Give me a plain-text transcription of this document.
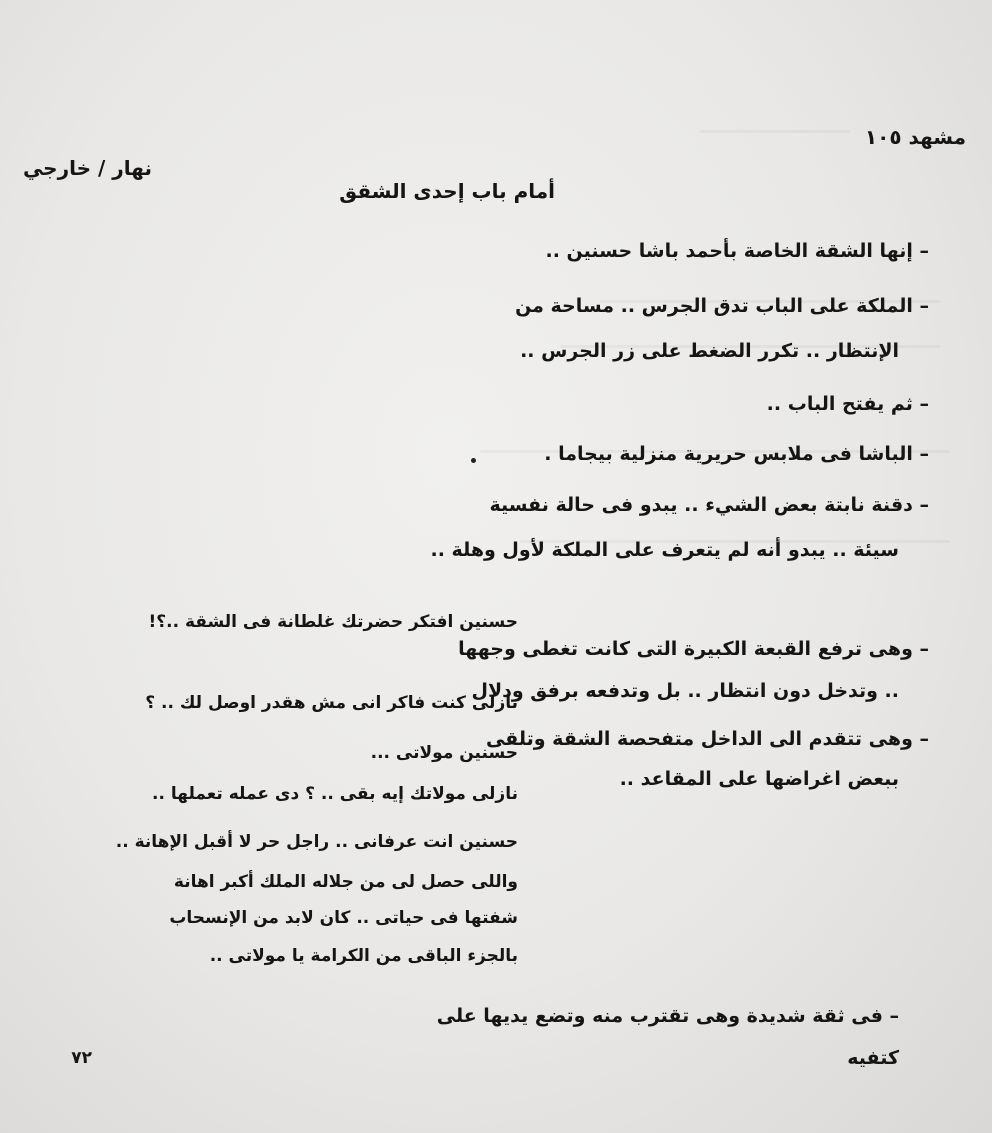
مشهد ١٠٥
نهار / خارجي
أمام باب إحدى الشقق
– إنها الشقة الخاصة بأحمد باشا حسنين ..
– الملكة على الباب تدق الجرس .. مساحة من
الإنتظار .. تكرر الضغط على زر الجرس ..
– ثم يفتح الباب ..
– الباشا فى ملابس حريرية منزلية بيجاما .
– دقنة نابتة بعض الشيء .. يبدو فى حالة نفسية
سيئة .. يبدو أنه لم يتعرف على الملكة لأول وهلة ..
حسنين افتكر حضرتك غلطانة فى الشقة ..؟!
– وهى ترفع القبعة الكبيرة التى كانت تغطى وجهها
.. وتدخل دون انتظار .. بل وتدفعه برفق ودلال
نازلى كنت فاكر انى مش هقدر اوصل لك .. ؟
– وهى تتقدم الى الداخل متفحصة الشقة وتلقى
حسنين مولاتى ...
ببعض اغراضها على المقاعد ..
نازلى مولاتك إيه بقى .. ؟ دى عمله تعملها ..
حسنين انت عرفانى .. راجل حر لا أقبل الإهانة ..
واللى حصل لى من جلاله الملك أكبر اهانة
شفتها فى حياتى .. كان لابد من الإنسحاب
بالجزء الباقى من الكرامة يا مولاتى ..
– فى ثقة شديدة وهى تقترب منه وتضع يديها على
كتفيه
٧٢
